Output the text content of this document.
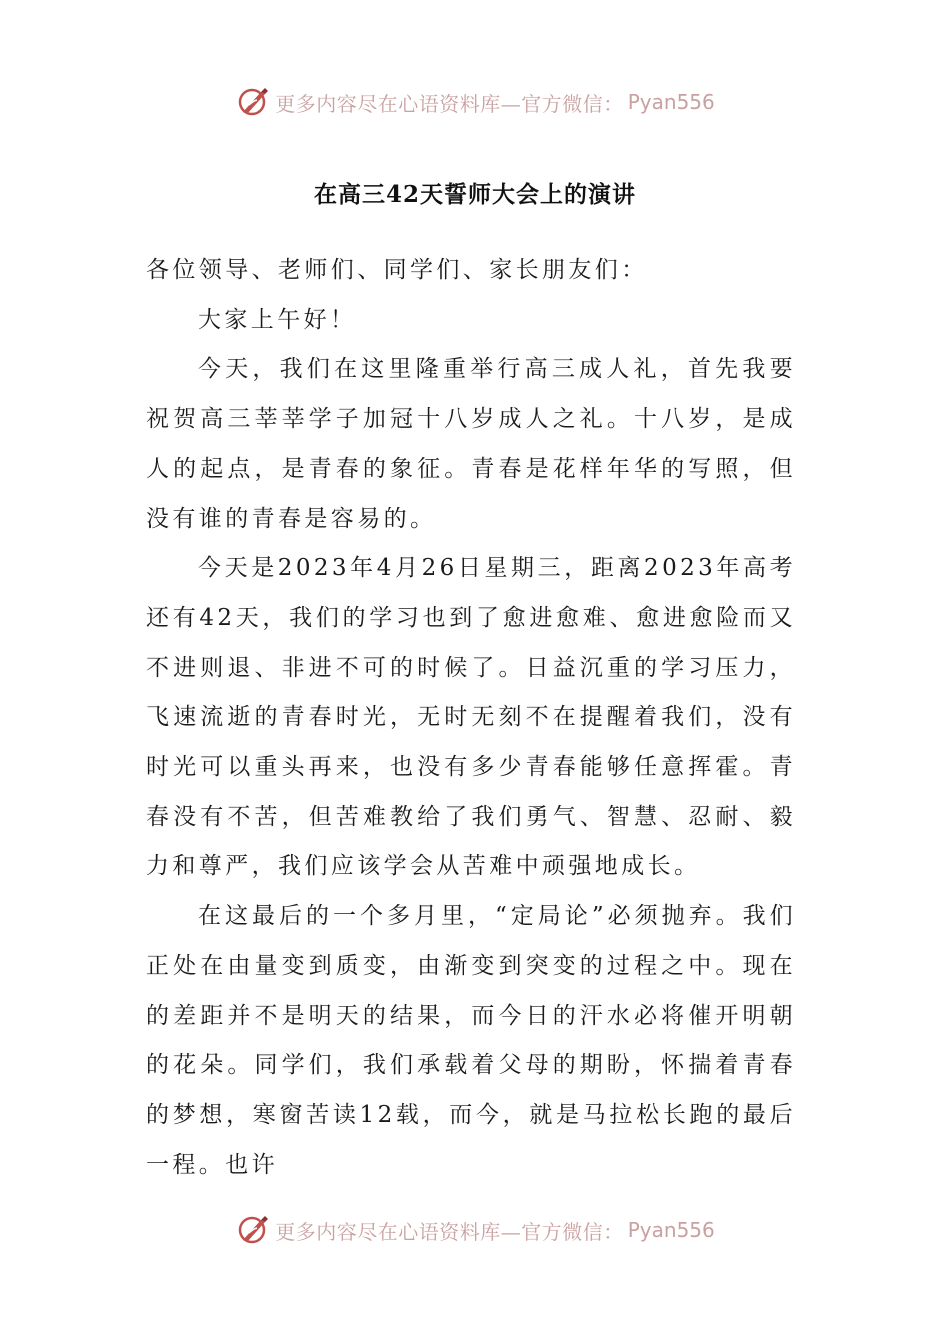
更多内容尽在心语资料库—官方微信： Pyan556
在高三42天誓师大会上的演讲

各位领导、老师们、同学们、家长朋友们：

大家上午好！

今天，我们在这里隆重举行高三成人礼，首先我要祝贺高三莘莘学子加冠十八岁成人之礼。十八岁，是成人的起点，是青春的象征。青春是花样年华的写照，但没有谁的青春是容易的。

今天是2023年4月26日星期三，距离2023年高考还有42天，我们的学习也到了愈进愈难、愈进愈险而又不进则退、非进不可的时候了。日益沉重的学习压力，飞速流逝的青春时光，无时无刻不在提醒着我们，没有时光可以重头再来，也没有多少青春能够任意挥霍。青春没有不苦，但苦难教给了我们勇气、智慧、忍耐、毅力和尊严，我们应该学会从苦难中顽强地成长。

在这最后的一个多月里，“定局论”必须抛弃。我们正处在由量变到质变，由渐变到突变的过程之中。现在的差距并不是明天的结果，而今日的汗水必将催开明朝的花朵。同学们，我们承载着父母的期盼，怀揣着青春的梦想，寒窗苦读12载，而今，就是马拉松长跑的最后一程。也许

更多内容尽在心语资料库—官方微信： Pyan556
